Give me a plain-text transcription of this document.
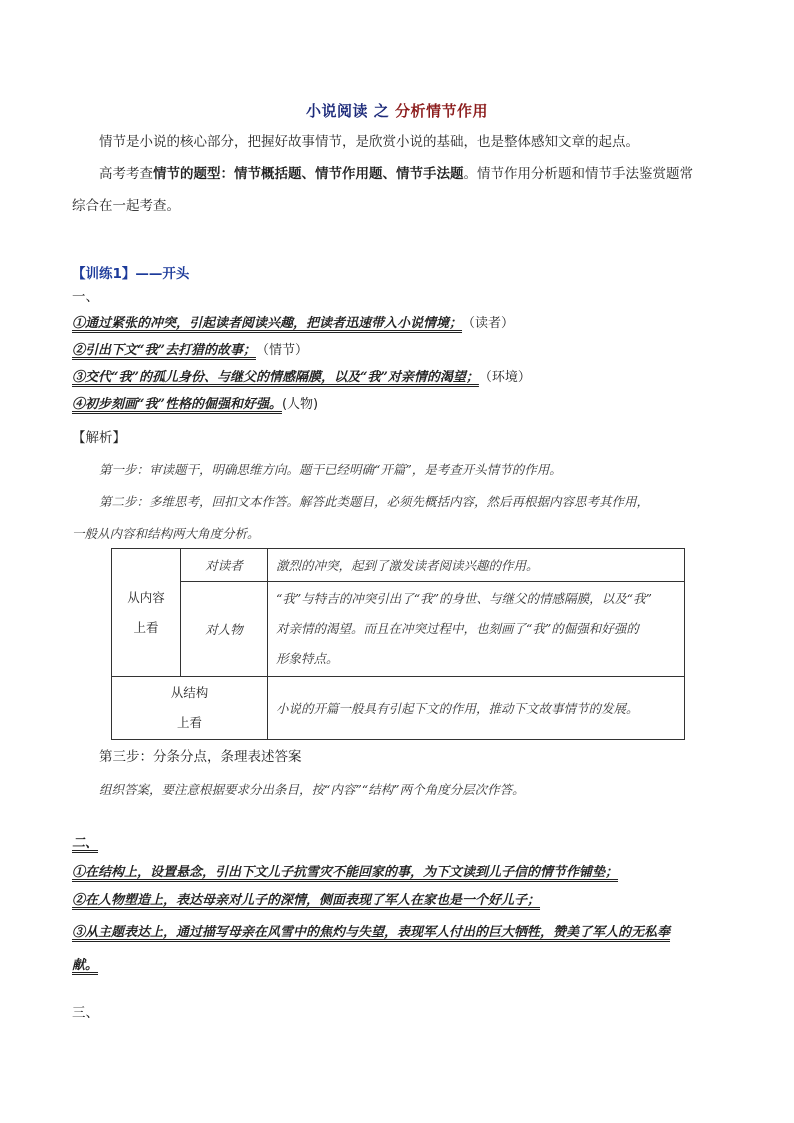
小说阅读 之 分析情节作用
情节是小说的核心部分，把握好故事情节，是欣赏小说的基础，也是整体感知文章的起点。
高考考查情节的题型：情节概括题、情节作用题、情节手法题。情节作用分析题和情节手法鉴赏题常
综合在一起考查。
【训练1】——开头
一、
①通过紧张的冲突，引起读者阅读兴趣，把读者迅速带入小说情境；（读者）
②引出下文“我”去打猎的故事；（情节）
③交代“我”的孤儿身份、与继父的情感隔膜，以及“我”对亲情的渴望；（环境）
④初步刻画“我”性格的倔强和好强。(人物)
【解析】
第一步：审读题干，明确思维方向。题干已经明确“开篇”，是考查开头情节的作用。
第二步：多维思考，回扣文本作答。解答此类题目，必须先概括内容，然后再根据内容思考其作用，
一般从内容和结构两大角度分析。
从内容
上看	对读者	激烈的冲突，起到了激发读者阅读兴趣的作用。
	对人物	“我”与特吉的冲突引出了“我”的身世、与继父的情感隔膜，以及“我”
对亲情的渴望。而且在冲突过程中，也刻画了“我”的倔强和好强的
形象特点。

从结构
上看		小说的开篇一般具有引起下文的作用，推动下文故事情节的发展。
第三步：分条分点，条理表述答案
组织答案，要注意根据要求分出条目，按“内容”“结构”两个角度分层次作答。
二、
①在结构上，设置悬念，引出下文儿子抗雪灾不能回家的事，为下文读到儿子信的情节作铺垫；
②在人物塑造上，表达母亲对儿子的深情，侧面表现了军人在家也是一个好儿子；
③从主题表达上，通过描写母亲在风雪中的焦灼与失望，表现军人付出的巨大牺牲，赞美了军人的无私奉
献。
三、
